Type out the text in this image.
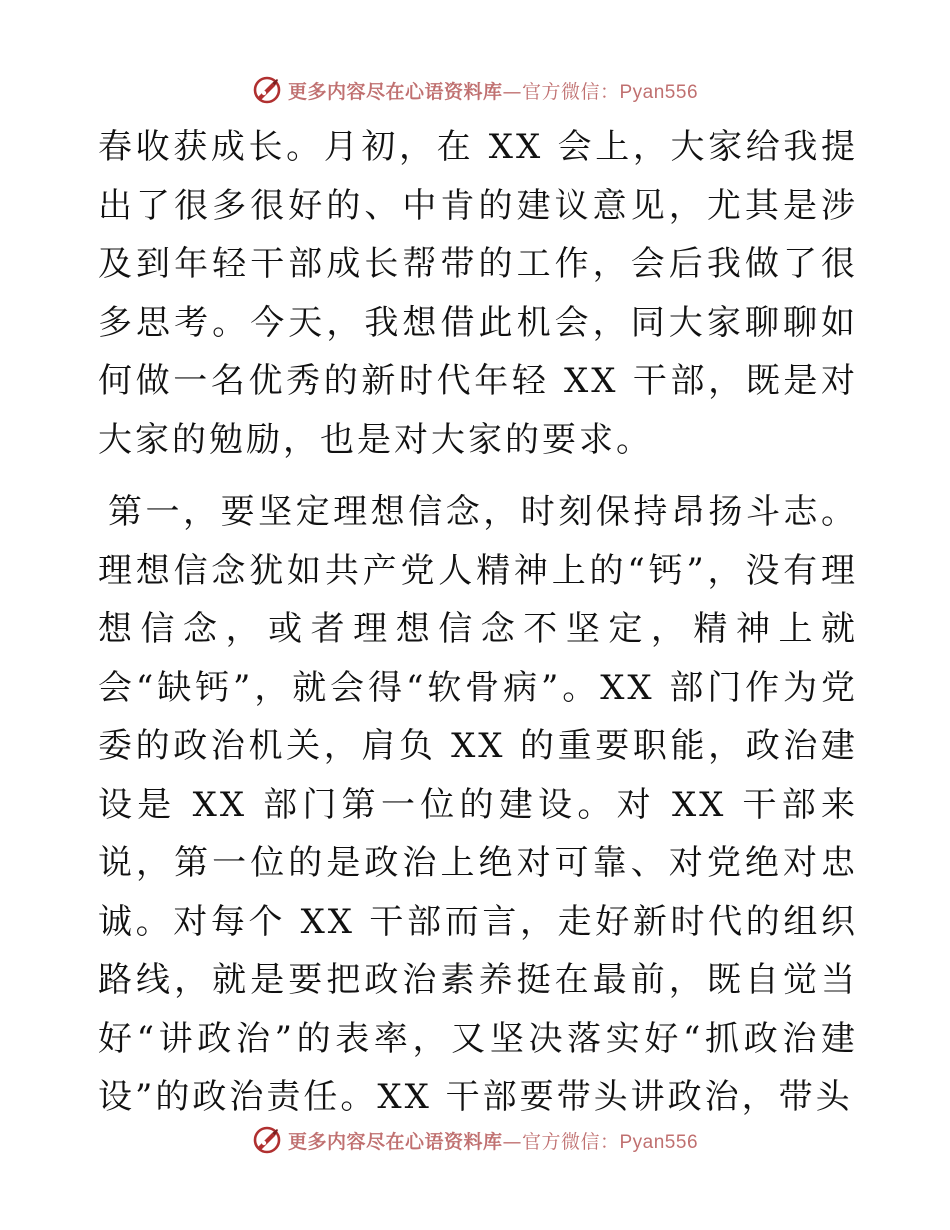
更多内容尽在心语资料库—官方微信：Pyan556

春收获成长。月初，在 XX 会上，大家给我提出了很多很好的、中肯的建议意见，尤其是涉及到年轻干部成长帮带的工作，会后我做了很多思考。今天，我想借此机会，同大家聊聊如何做一名优秀的新时代年轻 XX 干部，既是对大家的勉励，也是对大家的要求。

第一，要坚定理想信念，时刻保持昂扬斗志。理想信念犹如共产党人精神上的“钙”，没有理想信念，或者理想信念不坚定，精神上就会“缺钙”，就会得“软骨病”。XX 部门作为党委的政治机关，肩负 XX 的重要职能，政治建设是 XX 部门第一位的建设。对 XX 干部来说，第一位的是政治上绝对可靠、对党绝对忠诚。对每个 XX 干部而言，走好新时代的组织路线，就是要把政治素养挺在最前，既自觉当好“讲政治”的表率，又坚决落实好“抓政治建设”的政治责任。XX 干部要带头讲政治，带头

更多内容尽在心语资料库—官方微信：Pyan556
